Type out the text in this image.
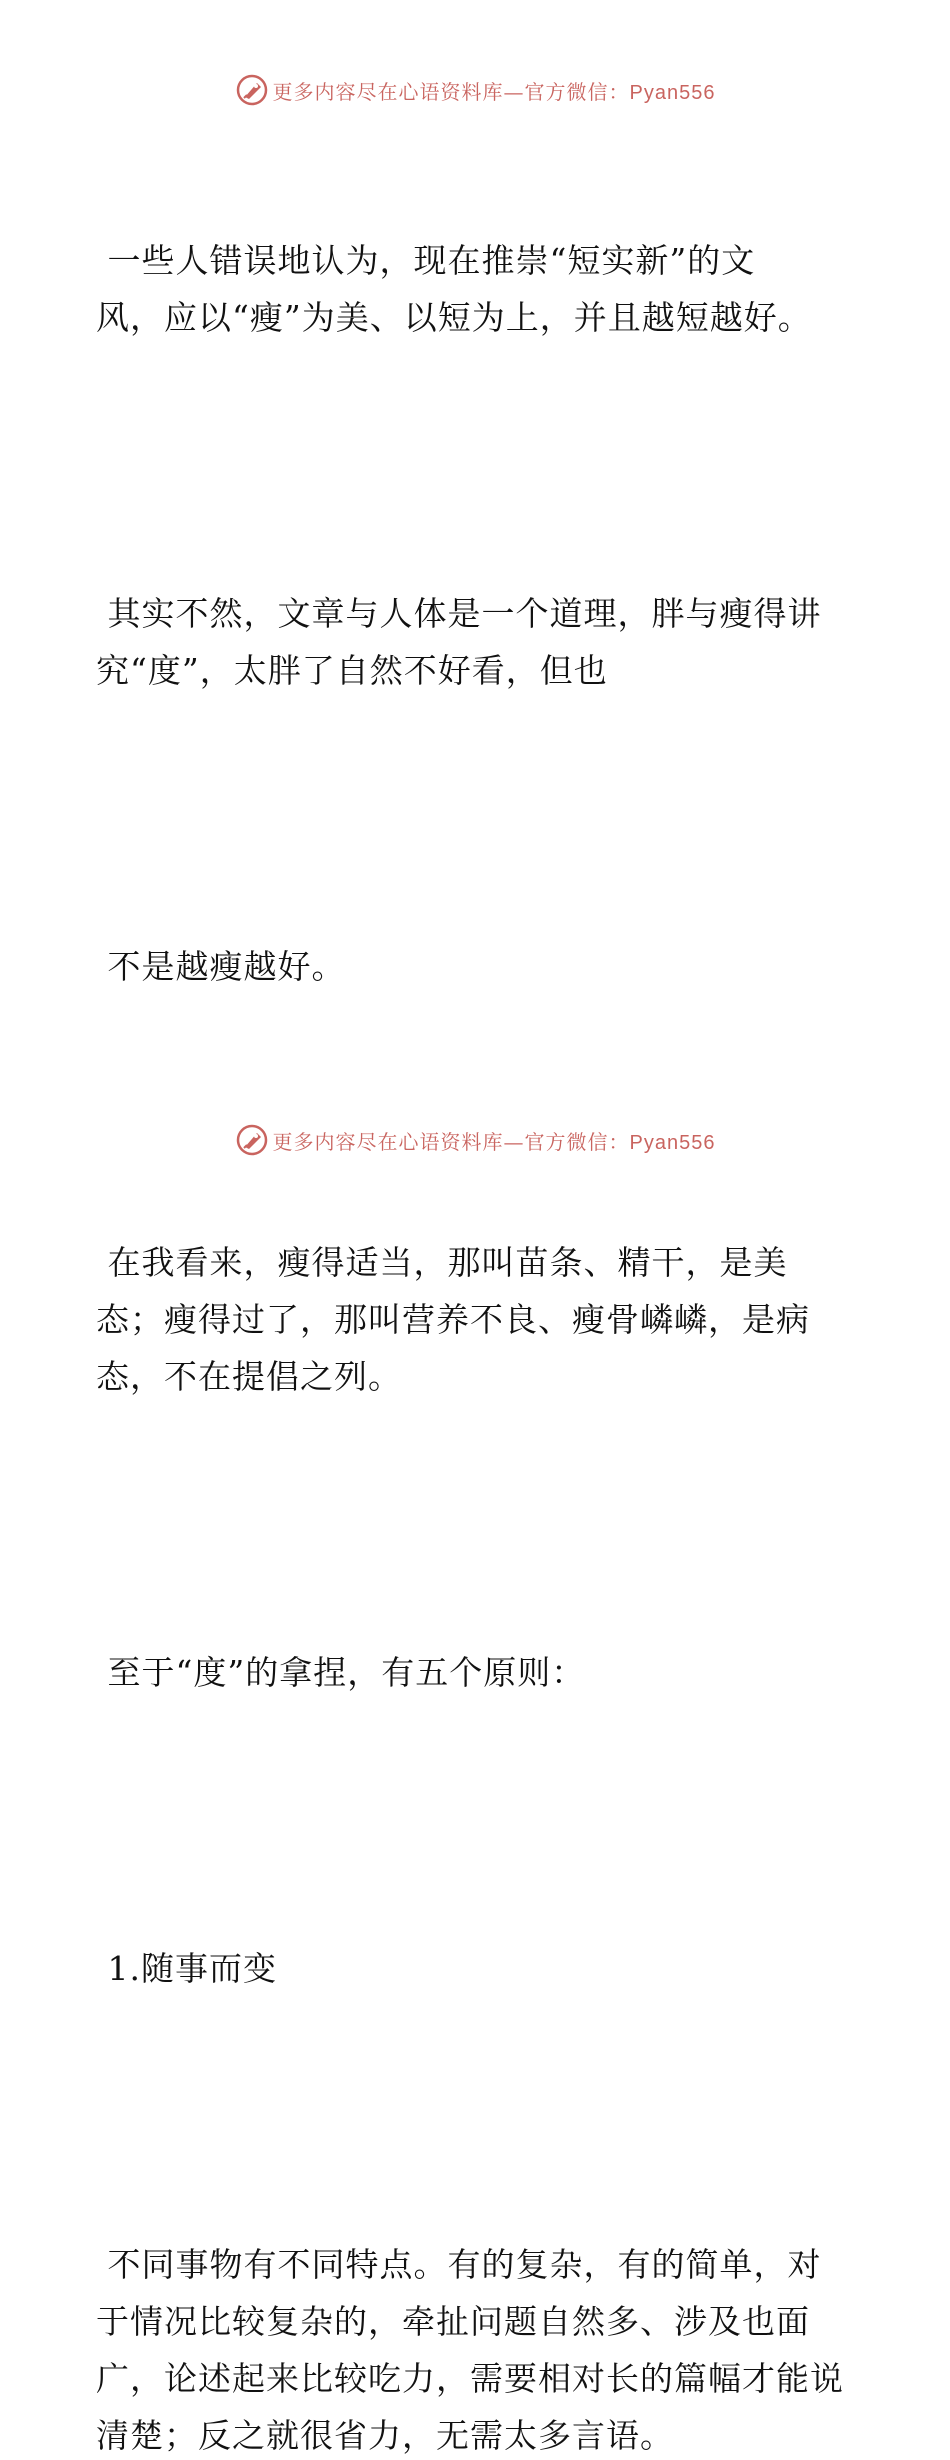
更多内容尽在心语资料库—官方微信：Pyan556

一些人错误地认为，现在推崇“短实新”的文
风，应以“瘦”为美、以短为上，并且越短越好。

其实不然，文章与人体是一个道理，胖与瘦得讲
究“度”，太胖了自然不好看，但也

不是越瘦越好。

在我看来，瘦得适当，那叫苗条、精干，是美
态；瘦得过了，那叫营养不良、瘦骨嶙嶙，是病
态，不在提倡之列。

至于“度”的拿捏，有五个原则：

1.随事而变

不同事物有不同特点。有的复杂，有的简单，对
于情况比较复杂的，牵扯问题自然多、涉及也面
广，论述起来比较吃力，需要相对长的篇幅才能说
清楚；反之就很省力，无需太多言语。

更多内容尽在心语资料库—官方微信：Pyan556
